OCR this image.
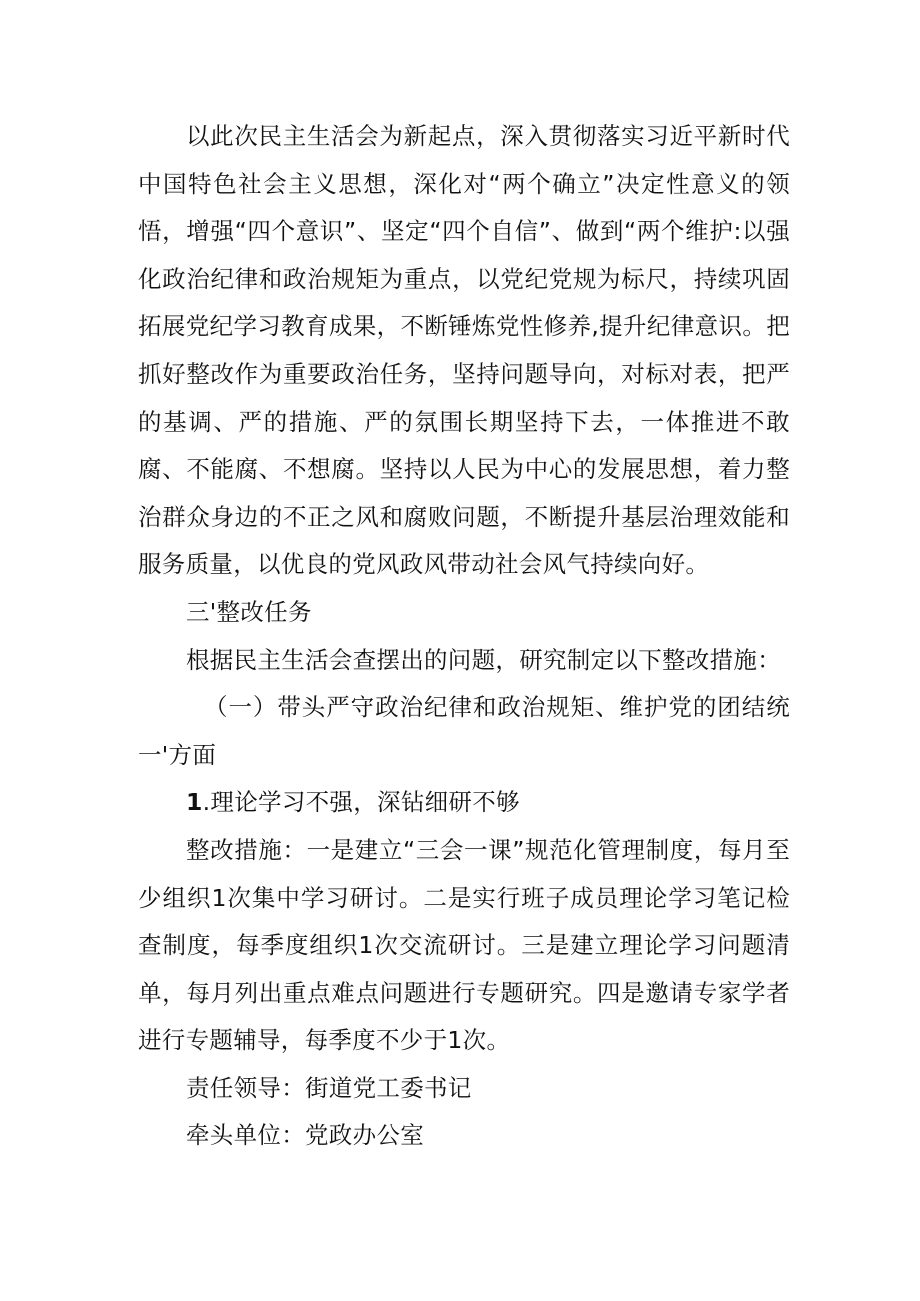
以此次民主生活会为新起点，深入贯彻落实习近平新时代中国特色社会主义思想，深化对“两个确立”决定性意义的领悟，增强“四个意识”、坚定“四个自信”、做到“两个维护:以强化政治纪律和政治规矩为重点，以党纪党规为标尺，持续巩固拓展党纪学习教育成果，不断锤炼党性修养,提升纪律意识。把抓好整改作为重要政治任务，坚持问题导向，对标对表，把严的基调、严的措施、严的氛围长期坚持下去，一体推进不敢腐、不能腐、不想腐。坚持以人民为中心的发展思想，着力整治群众身边的不正之风和腐败问题，不断提升基层治理效能和服务质量，以优良的党风政风带动社会风气持续向好。

三'整改任务

根据民主生活会查摆出的问题，研究制定以下整改措施：

（一）带头严守政治纪律和政治规矩、维护党的团结统一'方面

1.理论学习不强，深钻细研不够

整改措施：一是建立“三会一课”规范化管理制度，每月至少组织1次集中学习研讨。二是实行班子成员理论学习笔记检查制度，每季度组织1次交流研讨。三是建立理论学习问题清单，每月列出重点难点问题进行专题研究。四是邀请专家学者进行专题辅导，每季度不少于1次。

责任领导：街道党工委书记

牵头单位：党政办公室
